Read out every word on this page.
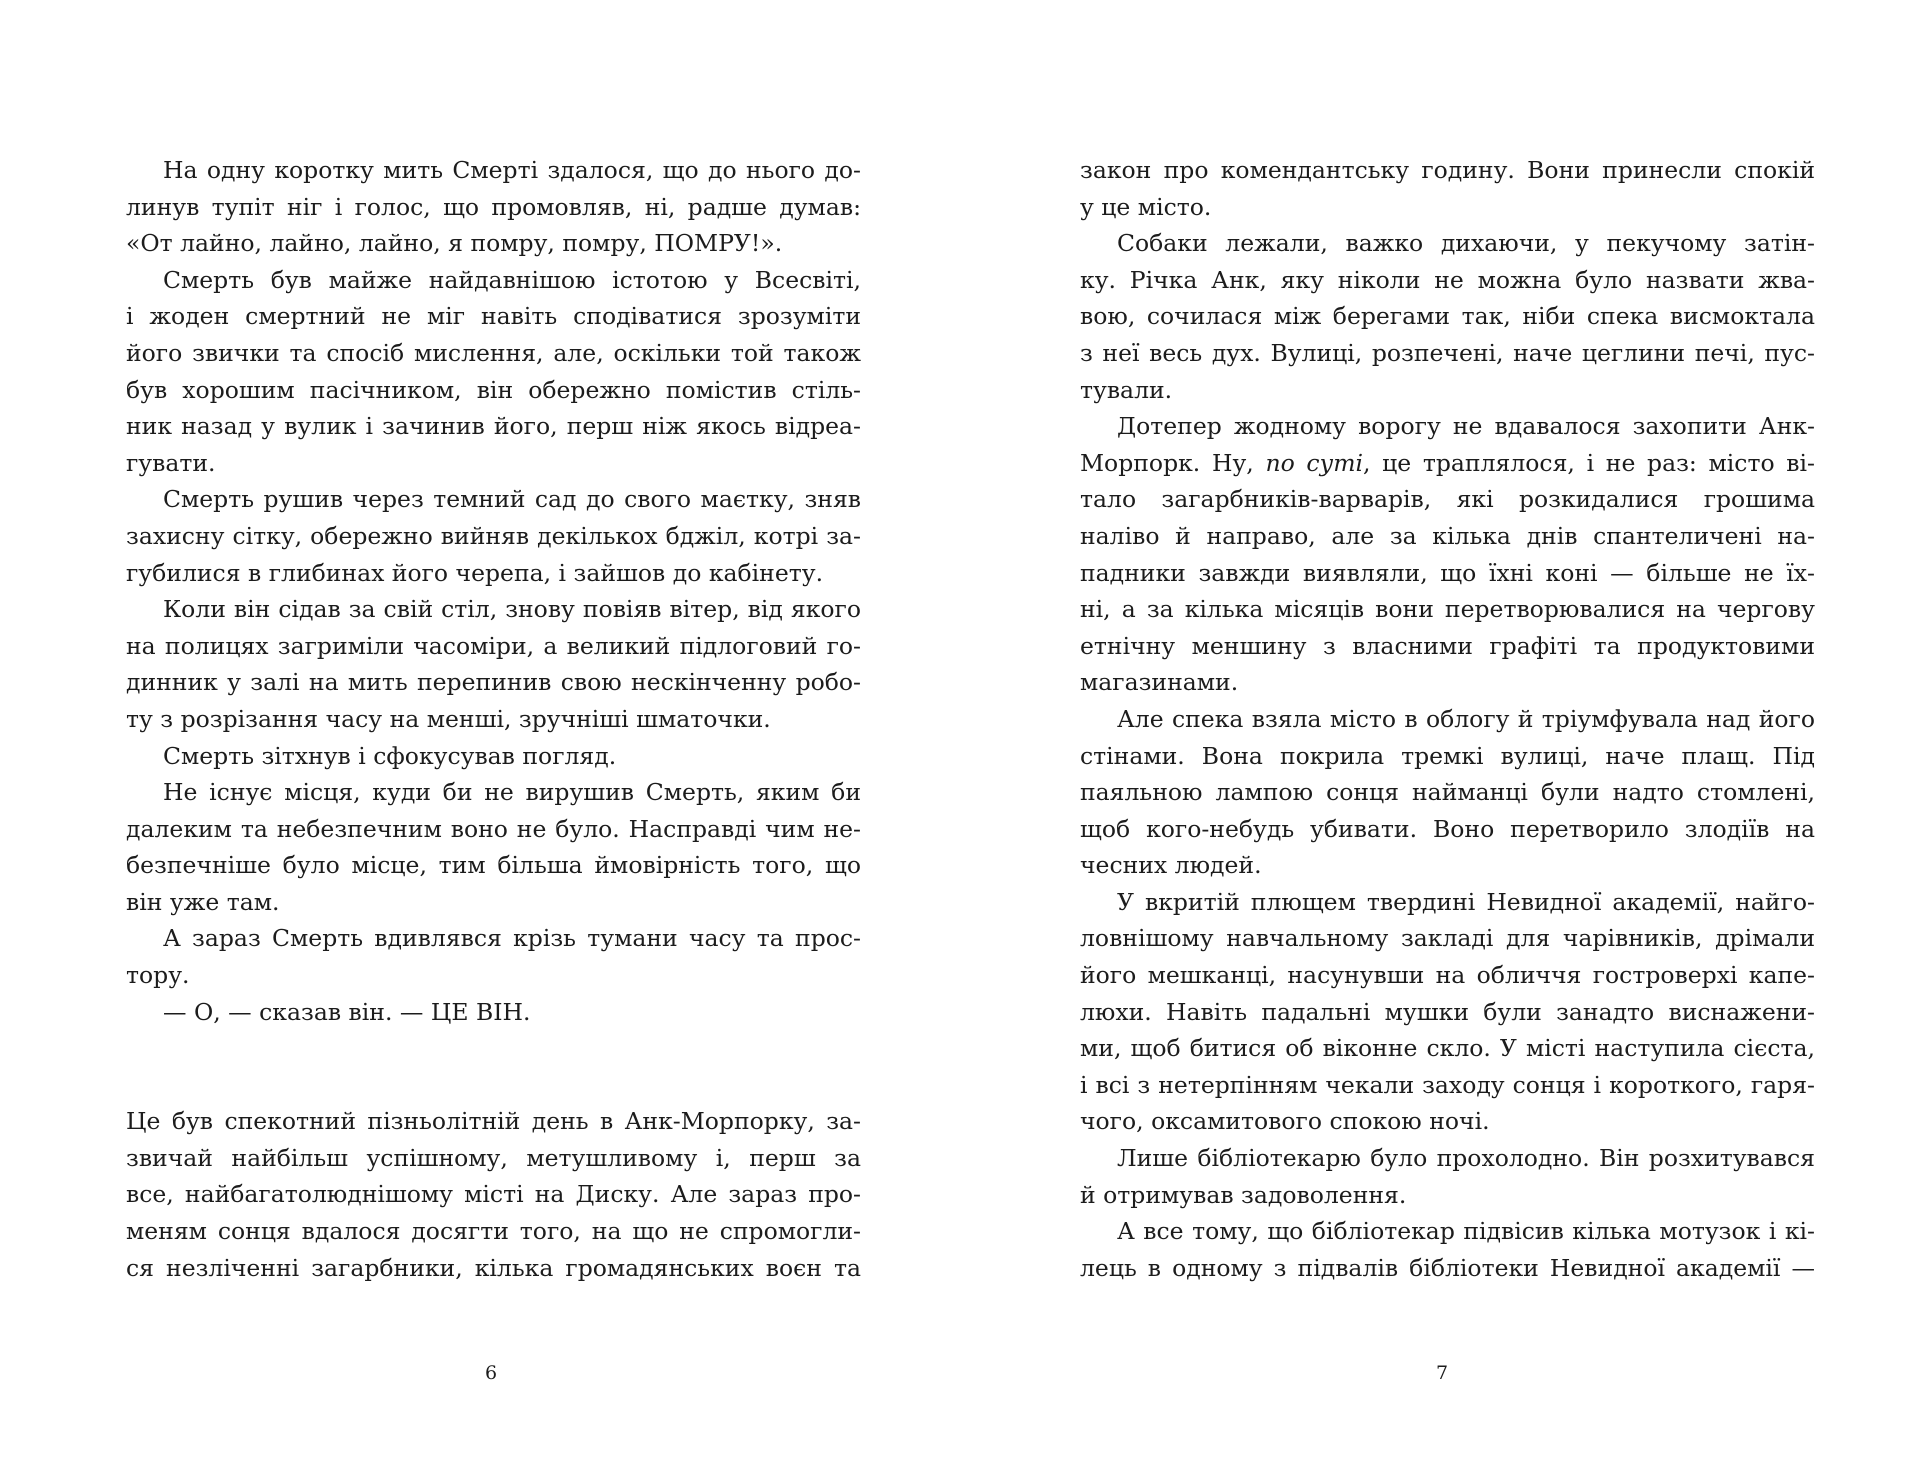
На одну коротку мить Смерті здалося, що до нього до-
линув тупіт ніг і голос, що промовляв, ні, радше думав:
«От лайно, лайно, лайно, я помру, помру, ПОМРУ!».
Смерть був майже найдавнішою істотою у Всесвіті,
і жоден смертний не міг навіть сподіватися зрозуміти
його звички та спосіб мислення, але, оскільки той також
був хорошим пасічником, він обережно помістив стіль-
ник назад у вулик і зачинив його, перш ніж якось відреа-
гувати.
Смерть рушив через темний сад до свого маєтку, зняв
захисну сітку, обережно вийняв декількох бджіл, котрі за-
губилися в глибинах його черепа, і зайшов до кабінету.
Коли він сідав за свій стіл, знову повіяв вітер, від якого
на полицях загриміли часоміри, а великий підлоговий го-
динник у залі на мить перепинив свою нескінченну робо-
ту з розрізання часу на менші, зручніші шматочки.
Смерть зітхнув і сфокусував погляд.
Не існує місця, куди би не вирушив Смерть, яким би
далеким та небезпечним воно не було. Насправді чим не-
безпечніше було місце, тим більша ймовірність того, що
він уже там.
А зараз Смерть вдивлявся крізь тумани часу та прос-
тору.
— О, — сказав він. — ЦЕ ВІН.
Це був спекотний пізньолітній день в Анк-Морпорку, за-
звичай найбільш успішному, метушливому і, перш за
все, найбагатолюднішому місті на Диску. Але зараз про-
меням сонця вдалося досягти того, на що не спромогли-
ся незліченні загарбники, кілька громадянських воєн та
закон про комендантську годину. Вони принесли спокій
у це місто.
Собаки лежали, важко дихаючи, у пекучому затін-
ку. Річка Анк, яку ніколи не можна було назвати жва-
вою, сочилася між берегами так, ніби спека висмоктала
з неї весь дух. Вулиці, розпечені, наче цеглини печі, пус-
тували.
Дотепер жодному ворогу не вдавалося захопити Анк-
Морпорк. Ну, по суті, це траплялося, і не раз: місто ві-
тало загарбників-варварів, які розкидалися грошима
наліво й направо, але за кілька днів спантеличені на-
падники завжди виявляли, що їхні коні — більше не їх-
ні, а за кілька місяців вони перетворювалися на чергову
етнічну меншину з власними графіті та продуктовими
магазинами.
Але спека взяла місто в облогу й тріумфувала над його
стінами. Вона покрила тремкі вулиці, наче плащ. Під
паяльною лампою сонця найманці були надто стомлені,
щоб кого-небудь убивати. Воно перетворило злодіїв на
чесних людей.
У вкритій плющем твердині Невидної академії, найго-
ловнішому навчальному закладі для чарівників, дрімали
його мешканці, насунувши на обличчя гостроверхі капе-
люхи. Навіть падальні мушки були занадто виснажени-
ми, щоб битися об віконне скло. У місті наступила сієста,
і всі з нетерпінням чекали заходу сонця і короткого, гаря-
чого, оксамитового спокою ночі.
Лише бібліотекарю було прохолодно. Він розхитувався
й отримував задоволення.
А все тому, що бібліотекар підвісив кілька мотузок і кі-
лець в одному з підвалів бібліотеки Невидної академії —
6	7
